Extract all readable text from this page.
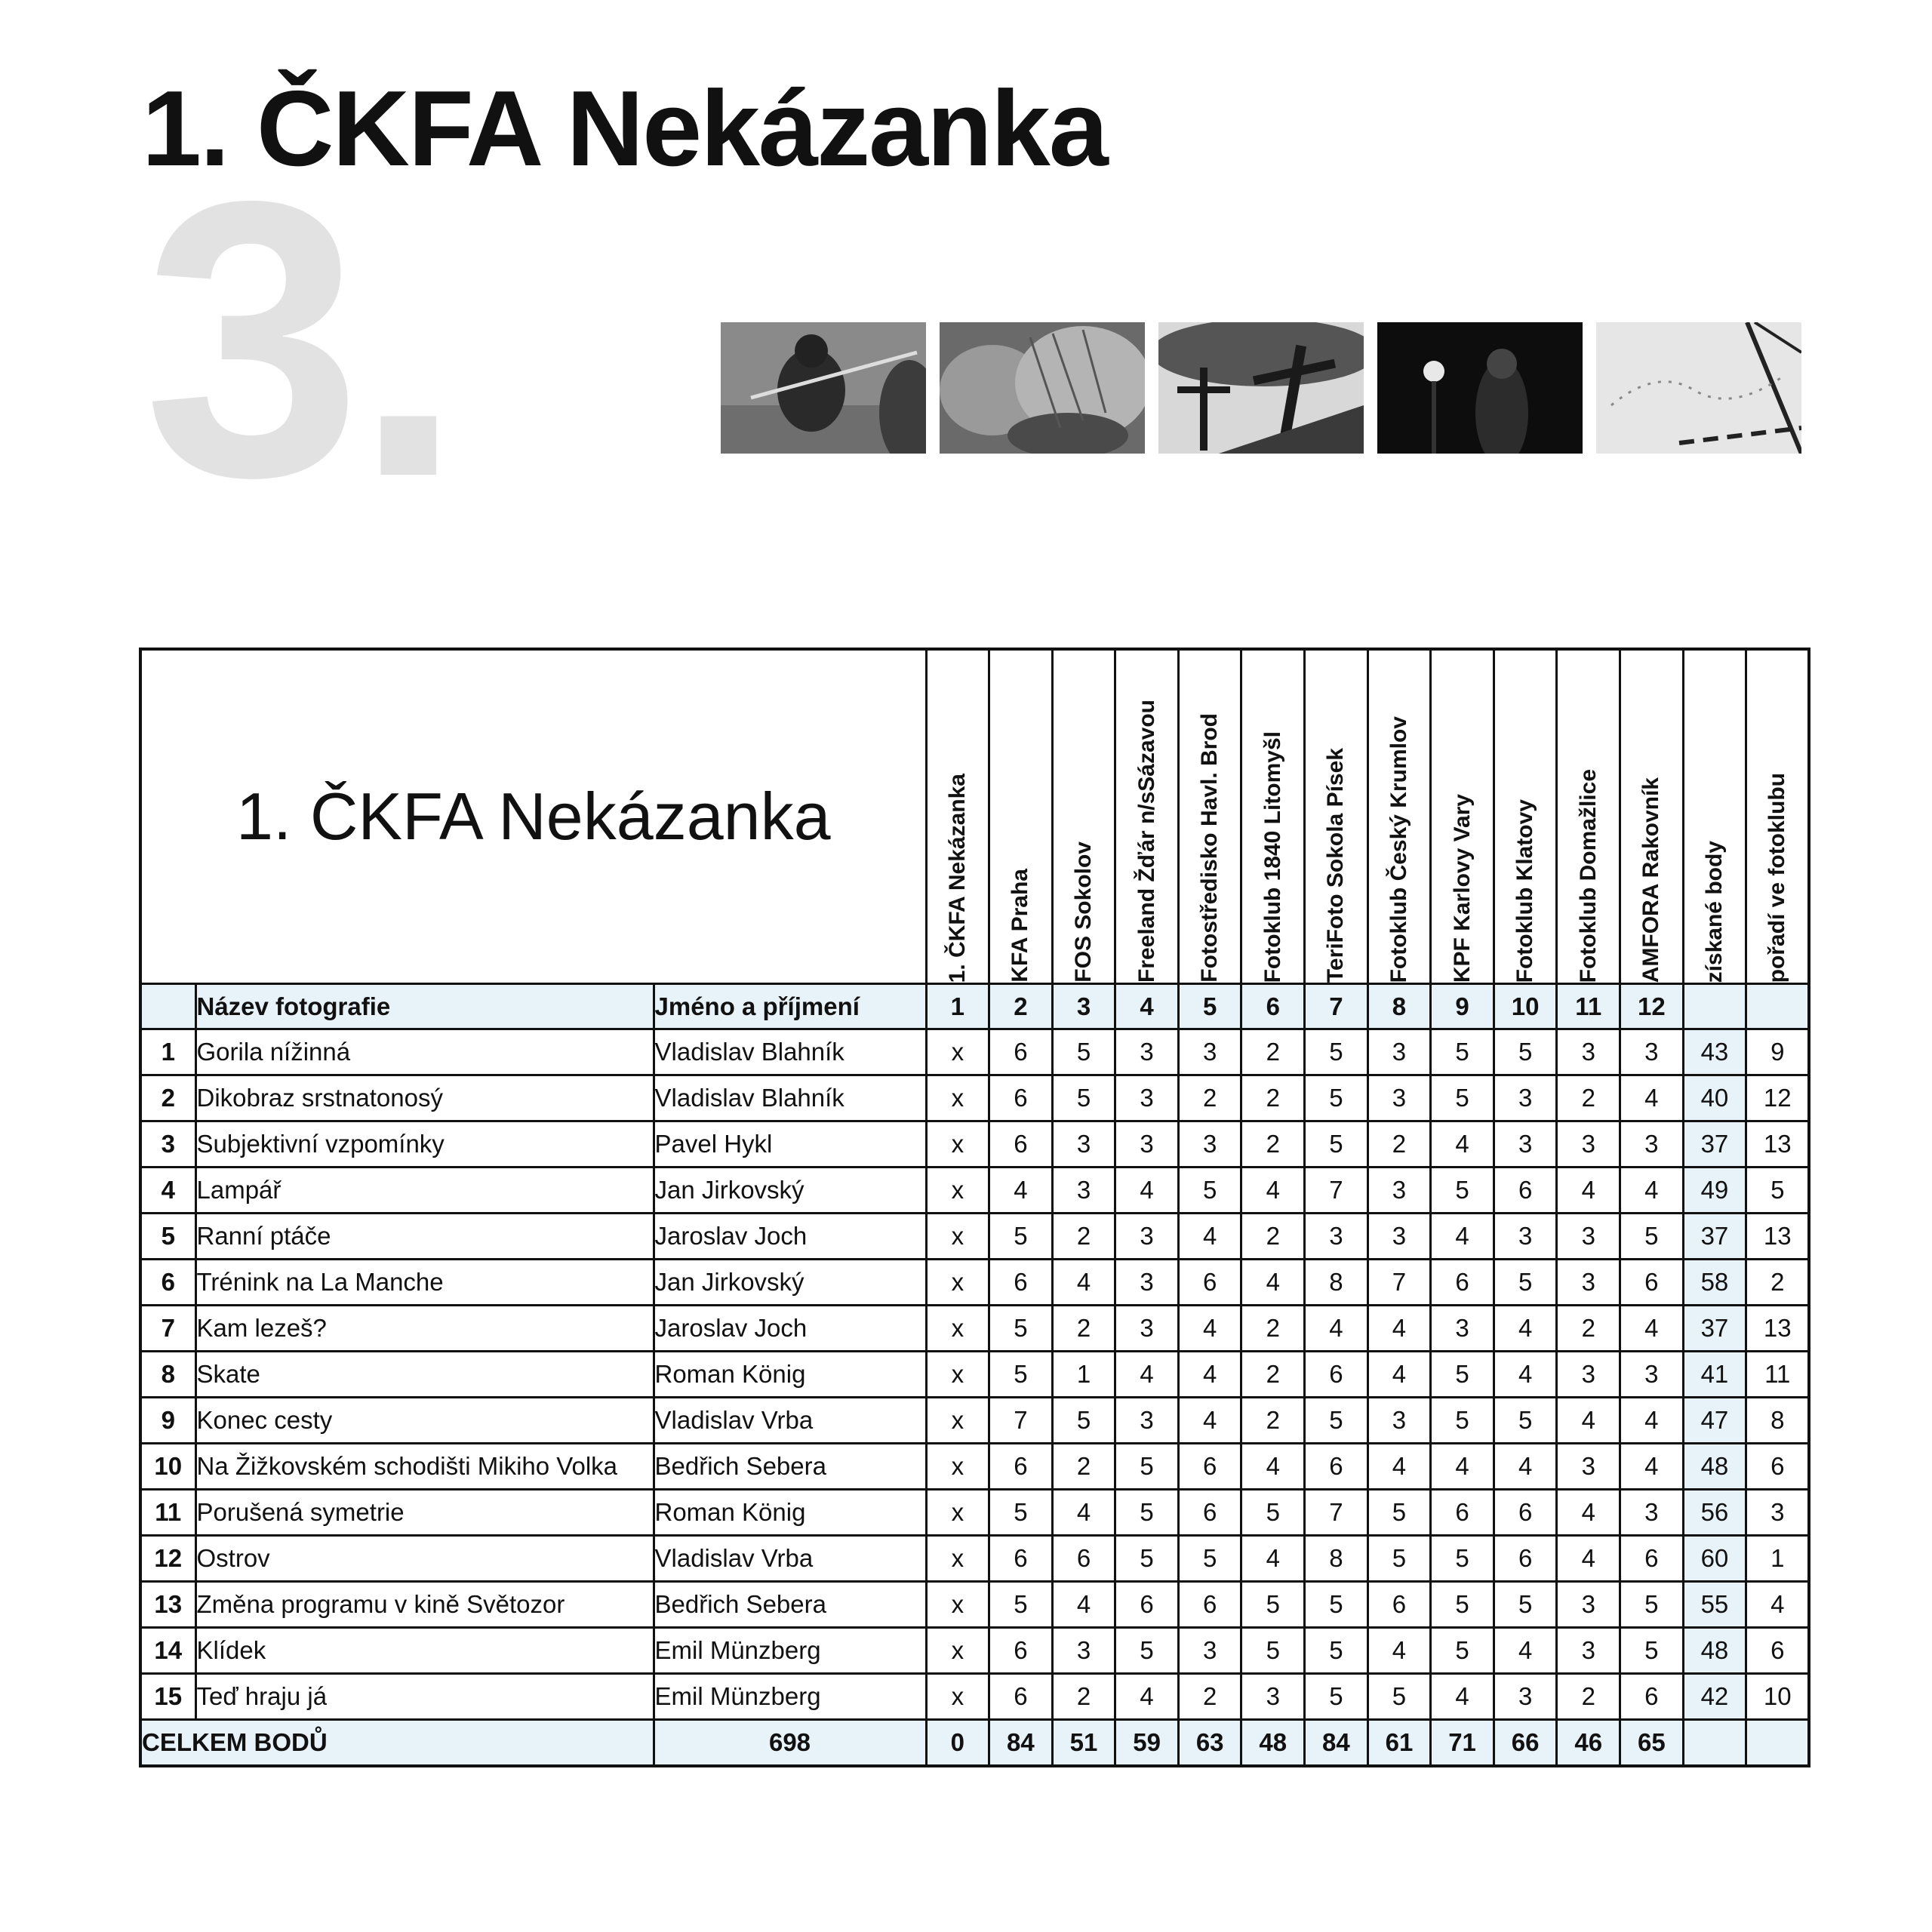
1. ČKFA Nekázanka
3.
1. ČKFA Nekázanka			1. ČKFA Nekázanka	KFA Praha	FOS Sokolov	Freeland Žďár n/sSázavou	Fotostředisko Havl. Brod	Fotoklub 1840 Litomyšl	TeriFoto Sokola Písek	Fotoklub Český Krumlov	KPF Karlovy Vary	Fotoklub Klatovy	Fotoklub Domažlice	AMFORA Rakovník	získané body	pořadí ve fotoklubu

	Název fotografie	Jméno a příjmení	1	2	3	4	5	6	7	8	9	10	11	12		
1	Gorila nížinná	Vladislav Blahník	x	6	5	3	3	2	5	3	5	5	3	3	43	9
2	Dikobraz srstnatonosý	Vladislav Blahník	x	6	5	3	2	2	5	3	5	3	2	4	40	12
3	Subjektivní vzpomínky	Pavel Hykl	x	6	3	3	3	2	5	2	4	3	3	3	37	13
4	Lampář	Jan Jirkovský	x	4	3	4	5	4	7	3	5	6	4	4	49	5
5	Ranní ptáče	Jaroslav Joch	x	5	2	3	4	2	3	3	4	3	3	5	37	13
6	Trénink na La Manche	Jan Jirkovský	x	6	4	3	6	4	8	7	6	5	3	6	58	2
7	Kam lezeš?	Jaroslav Joch	x	5	2	3	4	2	4	4	3	4	2	4	37	13
8	Skate	Roman König	x	5	1	4	4	2	6	4	5	4	3	3	41	11
9	Konec cesty	Vladislav Vrba	x	7	5	3	4	2	5	3	5	5	4	4	47	8
10	Na Žižkovském schodišti Mikiho Volka	Bedřich Sebera	x	6	2	5	6	4	6	4	4	4	3	4	48	6
11	Porušená symetrie	Roman König	x	5	4	5	6	5	7	5	6	6	4	3	56	3
12	Ostrov	Vladislav Vrba	x	6	6	5	5	4	8	5	5	6	4	6	60	1
13	Změna programu v kině Světozor	Bedřich Sebera	x	5	4	6	6	5	5	6	5	5	3	5	55	4
14	Klídek	Emil Münzberg	x	6	3	5	3	5	5	4	5	4	3	5	48	6
15	Teď hraju já	Emil Münzberg	x	6	2	4	2	3	5	5	4	3	2	6	42	10
CELKEM BODŮ		698	0	84	51	59	63	48	84	61	71	66	46	65		
